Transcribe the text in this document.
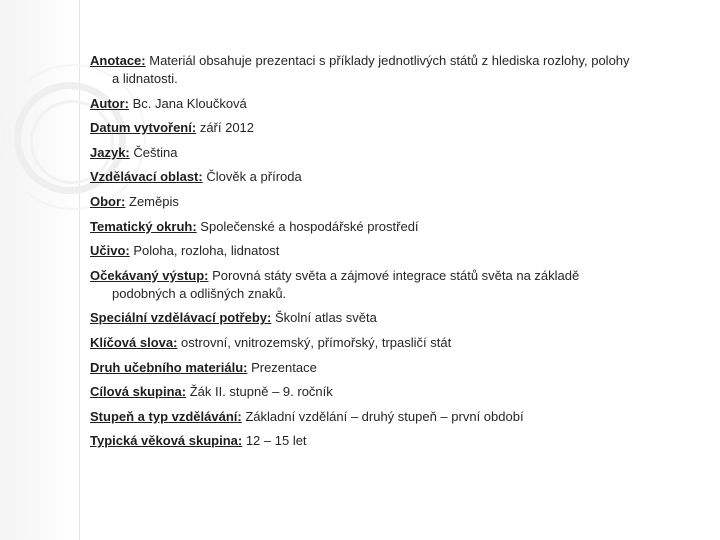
Anotace: Materiál obsahuje prezentaci s příklady jednotlivých států z hlediska rozlohy, polohy
a lidnatosti.
Autor: Bc. Jana Kloučková
Datum vytvoření: září 2012
Jazyk: Čeština
Vzdělávací oblast: Člověk a příroda
Obor: Zeměpis
Tematický okruh: Společenské a hospodářské prostředí
Učivo: Poloha, rozloha, lidnatost
Očekávaný výstup: Porovná státy světa a zájmové integrace států světa na základě
podobných a odlišných znaků.
Speciální vzdělávací potřeby: Školní atlas světa
Klíčová slova: ostrovní, vnitrozemský, přímořský, trpasličí stát
Druh učebního materiálu: Prezentace
Cílová skupina: Žák II. stupně – 9. ročník
Stupeň a typ vzdělávání: Základní vzdělání – druhý stupeň – první období
Typická věková skupina: 12 – 15 let
